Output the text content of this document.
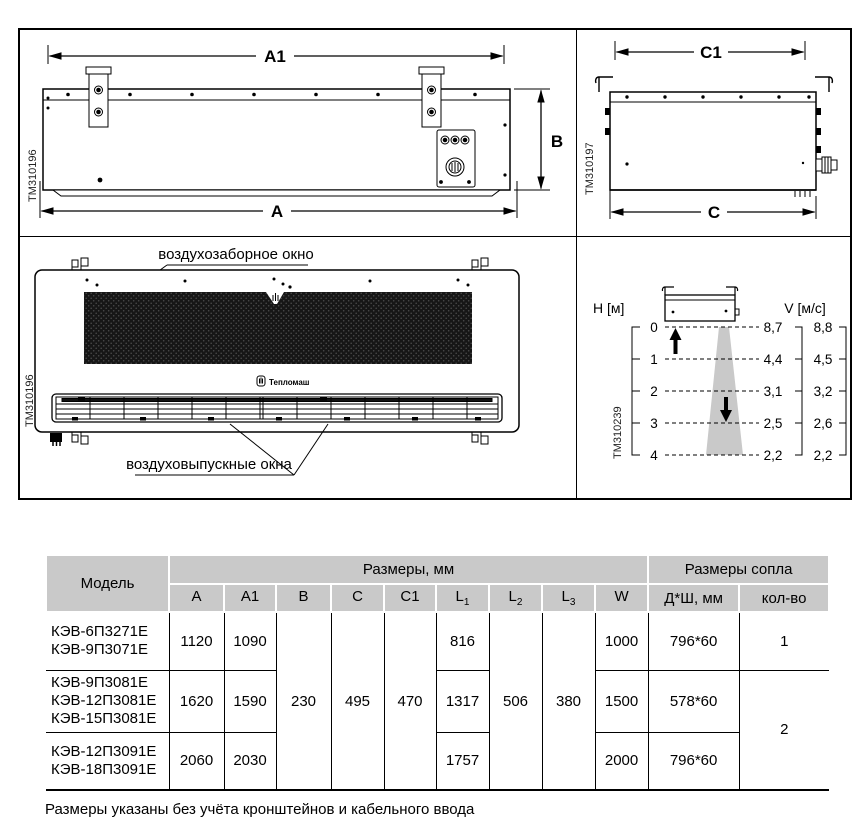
A1
A
B
TM310196
C1
C
TM310197
воздухозаборное окно
Тепломаш
воздуховыпускные окна
TM310196
Н [м]	V [м/с]
0
1
2
3
4
8,7
4,4
3,1
2,5
2,2
8,8
4,5
3,2
2,6
2,2
TM310239
Модель	Размеры, мм									Размеры сопла	
	A	A1	B	C	C1	$L_1$	$L_2$	$L_3$	W	Д*Ш, мм	кол-во

КЭВ-6П3271Е
КЭВ-9П3071Е	1120	1090	230	495	470	816	506	380	1000	796*60	1

КЭВ-9П3081Е
КЭВ-12П3081Е
КЭВ-15П3081Е	1620	1590				1317			1500	578*60	2

КЭВ-12П3091Е
КЭВ-18П3091Е	2060	2030				1757			2000	796*60	
Размеры указаны без учёта кронштейнов и кабельного ввода
